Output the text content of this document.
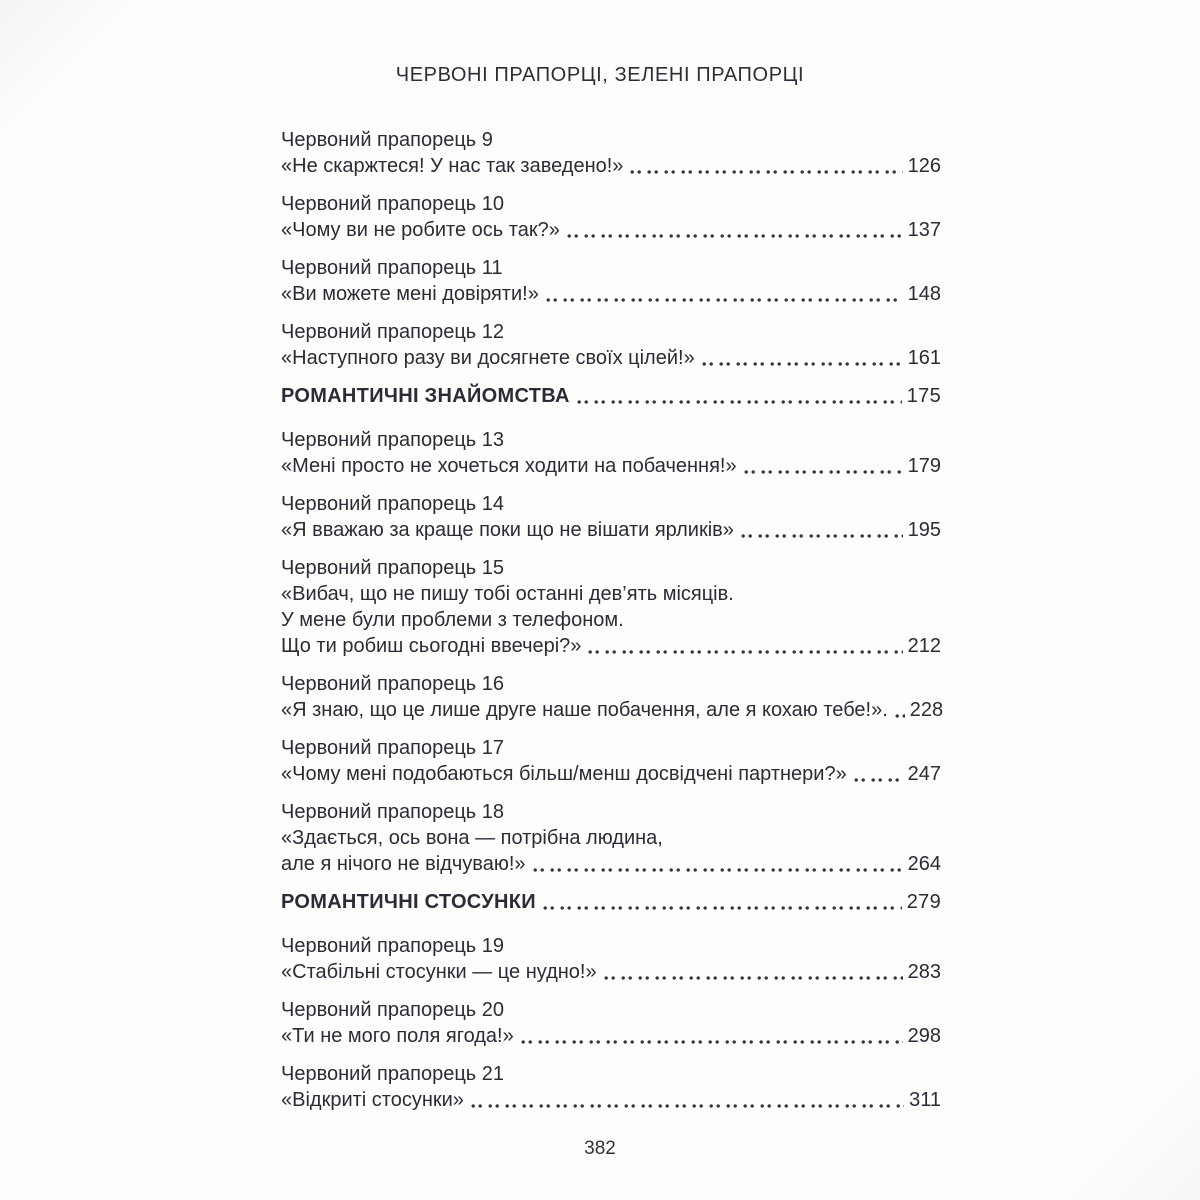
ЧЕРВОНІ ПРАПОРЦІ, ЗЕЛЕНІ ПРАПОРЦІ
Червоний прапорець 9
«Не скаржтеся! У нас так заведено!»	126
Червоний прапорець 10
«Чому ви не робите ось так?»	137
Червоний прапорець 11
«Ви можете мені довіряти!»	148
Червоний прапорець 12
«Наступного разу ви досягнете своїх цілей!»	161
РОМАНТИЧНІ ЗНАЙОМСТВА	175
Червоний прапорець 13
«Мені просто не хочеться ходити на побачення!»	179
Червоний прапорець 14
«Я вважаю за краще поки що не вішати ярликів»	195
Червоний прапорець 15
«Вибач, що не пишу тобі останні дев’ять місяців.
У мене були проблеми з телефоном.
Що ти робиш сьогодні ввечері?»	212
Червоний прапорець 16
«Я знаю, що це лише друге наше побачення, але я кохаю тебе!». 228
Червоний прапорець 17
«Чому мені подобаються більш/менш досвідчені партнери?»	247
Червоний прапорець 18
«Здається, ось вона — потрібна людина,
але я нічого не відчуваю!»	264
РОМАНТИЧНІ СТОСУНКИ	279
Червоний прапорець 19
«Стабільні стосунки — це нудно!»	283
Червоний прапорець 20
«Ти не мого поля ягода!»	298
Червоний прапорець 21
«Відкриті стосунки»	311
382
